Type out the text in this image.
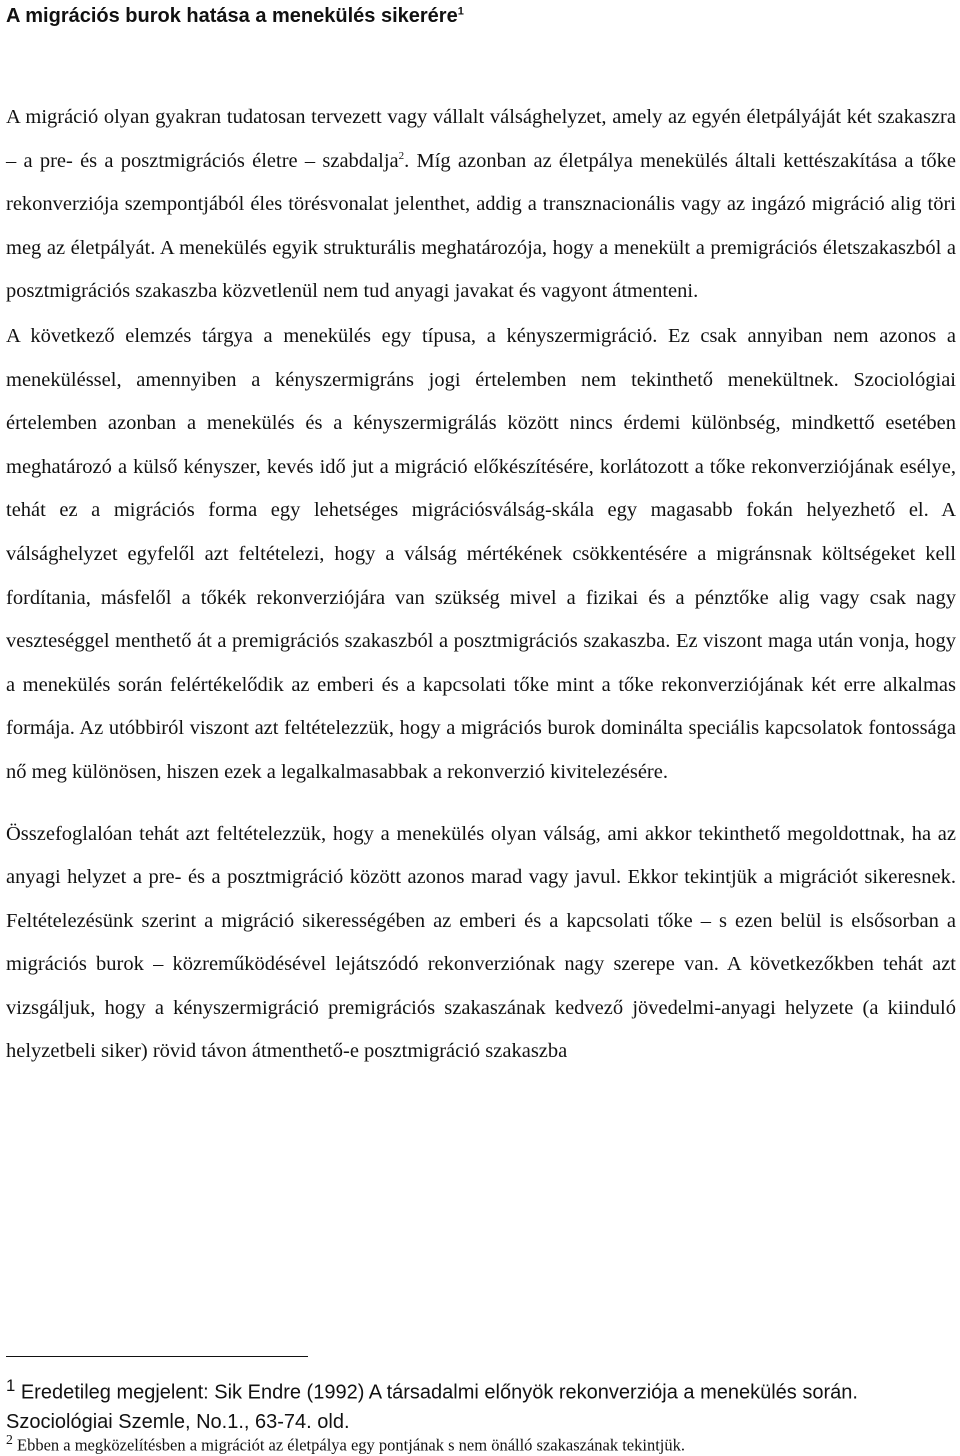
A migrációs burok hatása a menekülés sikerére$^1$

A migráció olyan gyakran tudatosan tervezett vagy vállalt válsághelyzet, amely az egyén életpályáját két szakaszra – a pre- és a posztmigrációs életre – szabdalja$^2$. Míg azonban az életpálya menekülés általi kettészakítása a tőke rekonverziója szempontjából éles törésvonalat jelenthet, addig a transznacionális vagy az ingázó migráció alig töri meg az életpályát. A menekülés egyik strukturális meghatározója, hogy a menekült a premigrációs életszakaszból a posztmigrációs szakaszba közvetlenül nem tud anyagi javakat és vagyont átmenteni.

A következő elemzés tárgya a menekülés egy típusa, a kényszermigráció. Ez csak annyiban nem azonos a meneküléssel, amennyiben a kényszermigráns jogi értelemben nem tekinthető menekültnek. Szociológiai értelemben azonban a menekülés és a kényszermigrálás között nincs érdemi különbség, mindkettő esetében meghatározó a külső kényszer, kevés idő jut a migráció előkészítésére, korlátozott a tőke rekonverziójának esélye, tehát ez a migrációs forma egy lehetséges migrációsválság-skála egy magasabb fokán helyezhető el. A válsághelyzet egyfelől azt feltételezi, hogy a válság mértékének csökkentésére a migránsnak költségeket kell fordítania, másfelől a tőkék rekonverziójára van szükség mivel a fizikai és a pénztőke alig vagy csak nagy veszteséggel menthető át a premigrációs szakaszból a posztmigrációs szakaszba. Ez viszont maga után vonja, hogy a menekülés során felértékelődik az emberi és a kapcsolati tőke mint a tőke rekonverziójának két erre alkalmas formája. Az utóbbiról viszont azt feltételezzük, hogy a migrációs burok dominálta speciális kapcsolatok fontossága nő meg különösen, hiszen ezek a legalkalmasabbak a rekonverzió kivitelezésére.

Összefoglalóan tehát azt feltételezzük, hogy a menekülés olyan válság, ami akkor tekinthető megoldottnak, ha az anyagi helyzet a pre- és a posztmigráció között azonos marad vagy javul. Ekkor tekintjük a migrációt sikeresnek. Feltételezésünk szerint a migráció sikerességében az emberi és a kapcsolati tőke – s ezen belül is elsősorban a migrációs burok – közreműködésével lejátszódó rekonverziónak nagy szerepe van. A következőkben tehát azt vizsgáljuk, hogy a kényszermigráció premigrációs szakaszának kedvező jövedelmi-anyagi helyzete (a kiinduló helyzetbeli siker) rövid távon átmenthető-e posztmigráció szakaszba

$^1$ Eredetileg megjelent: Sik Endre (1992) A társadalmi előnyök rekonverziója a menekülés során. Szociológiai Szemle, No.1., 63-74. old.

$^2$ Ebben a megközelítésben a migrációt az életpálya egy pontjának s nem önálló szakaszának tekintjük.
